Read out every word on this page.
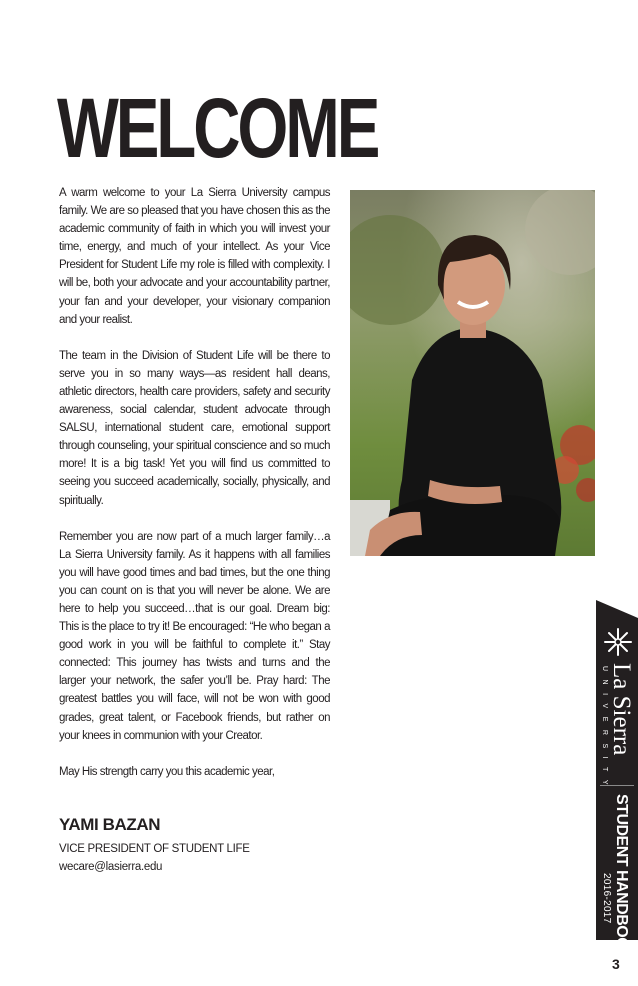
WELCOME

A warm welcome to your La Sierra University campus family. We are so pleased that you have chosen this as the academic community of faith in which you will invest your time, energy, and much of your intellect. As your Vice President for Student Life my role is filled with complexity. I will be, both your advocate and your accountability partner, your fan and your developer, your visionary companion and your realist.

The team in the Division of Student Life will be there to serve you in so many ways—as resident hall deans, athletic directors, health care providers, safety and security awareness, social calendar, student advocate through SALSU, international student care, emotional support through counseling, your spiritual conscience and so much more! It is a big task! Yet you will find us committed to seeing you succeed academically, socially, physically, and spiritually.

Remember you are now part of a much larger family…a La Sierra University family. As it happens with all families you will have good times and bad times, but the one thing you can count on is that you will never be alone. We are here to help you succeed…that is our goal. Dream big: This is the place to try it! Be encouraged: “He who began a good work in you will be faithful to complete it.” Stay connected: This journey has twists and turns and the larger your network, the safer you’ll be. Pray hard: The greatest battles you will face, will not be won with good grades, great talent, or Facebook friends, but rather on your knees in communion with your Creator.

May His strength carry you this academic year,

YAMI BAZAN

VICE PRESIDENT OF STUDENT LIFE

wecare@lasierra.edu

La Sierra

UNIVERSITY

STUDENT HANDBOOK

2016-2017

3
